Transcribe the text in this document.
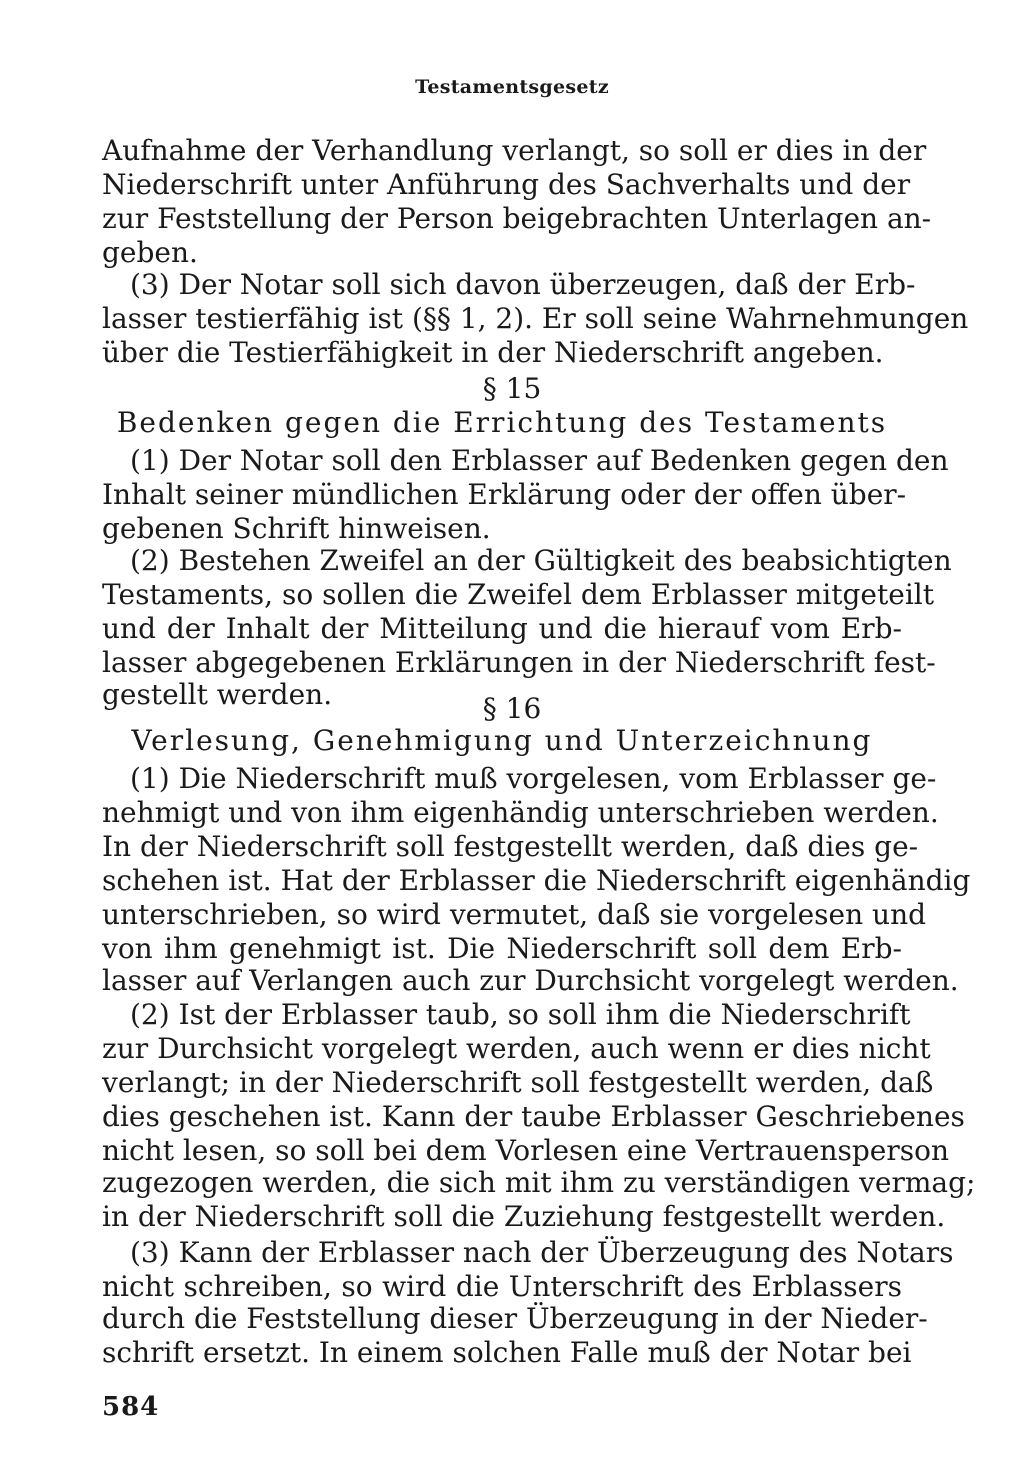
Testamentsgesetz
Aufnahme der Verhandlung verlangt, so soll er dies in der
Niederschrift unter Anführung des Sachverhalts und der
zur Feststellung der Person beigebrachten Unterlagen an-
geben.
(3) Der Notar soll sich davon überzeugen, daß der Erb-
lasser testierfähig ist (§§ 1, 2). Er soll seine Wahrnehmungen
über die Testierfähigkeit in der Niederschrift angeben.
§ 15
Bedenken gegen die Errichtung des Testaments
(1) Der Notar soll den Erblasser auf Bedenken gegen den
Inhalt seiner mündlichen Erklärung oder der offen über-
gebenen Schrift hinweisen.
(2) Bestehen Zweifel an der Gültigkeit des beabsichtigten
Testaments, so sollen die Zweifel dem Erblasser mitgeteilt
und der Inhalt der Mitteilung und die hierauf vom Erb-
lasser abgegebenen Erklärungen in der Niederschrift fest-
gestellt werden.	§ 16
Verlesung, Genehmigung und Unterzeichnung
(1) Die Niederschrift muß vorgelesen, vom Erblasser ge-
nehmigt und von ihm eigenhändig unterschrieben werden.
In der Niederschrift soll festgestellt werden, daß dies ge-
schehen ist. Hat der Erblasser die Niederschrift eigenhändig
unterschrieben, so wird vermutet, daß sie vorgelesen und
von ihm genehmigt ist. Die Niederschrift soll dem Erb-
lasser auf Verlangen auch zur Durchsicht vorgelegt werden.
(2) Ist der Erblasser taub, so soll ihm die Niederschrift
zur Durchsicht vorgelegt werden, auch wenn er dies nicht
verlangt; in der Niederschrift soll festgestellt werden, daß
dies geschehen ist. Kann der taube Erblasser Geschriebenes
nicht lesen, so soll bei dem Vorlesen eine Vertrauensperson
zugezogen werden, die sich mit ihm zu verständigen vermag;
in der Niederschrift soll die Zuziehung festgestellt werden.
(3) Kann der Erblasser nach der Überzeugung des Notars
nicht schreiben, so wird die Unterschrift des Erblassers
durch die Feststellung dieser Überzeugung in der Nieder-
schrift ersetzt. In einem solchen Falle muß der Notar bei
584
